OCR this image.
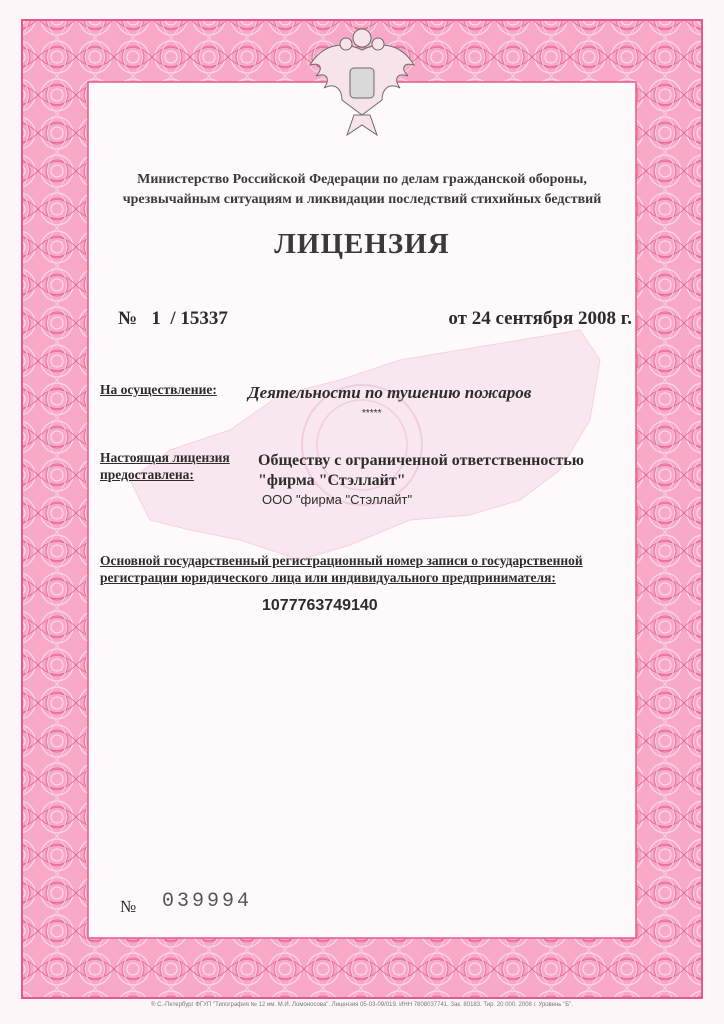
Министерство Российской Федерации по делам гражданской обороны,
чрезвычайным ситуациям и ликвидации последствий стихийных бедствий
ЛИЦЕНЗИЯ
№   1  / 15337	от 24 сентября 2008 г.
На осуществление: Деятельности по тушению пожаров
*****
Настоящая лицензия
предоставлена:
Обществу с ограниченной ответственностью
"фирма "Стэллайт"
ООО "фирма "Стэллайт"
Основной государственный регистрационный номер записи о государственной
регистрации юридического лица или индивидуального предпринимателя:
1077763749140
№ 039994
® С.-Петербург ФГУП "Типография № 12 им. М.И. Ломоносова". Лицензия 05-03-09/019. ИНН 7808037741. Зак. 80183. Тир. 20 000. 2008 г. Уровень "Б".
